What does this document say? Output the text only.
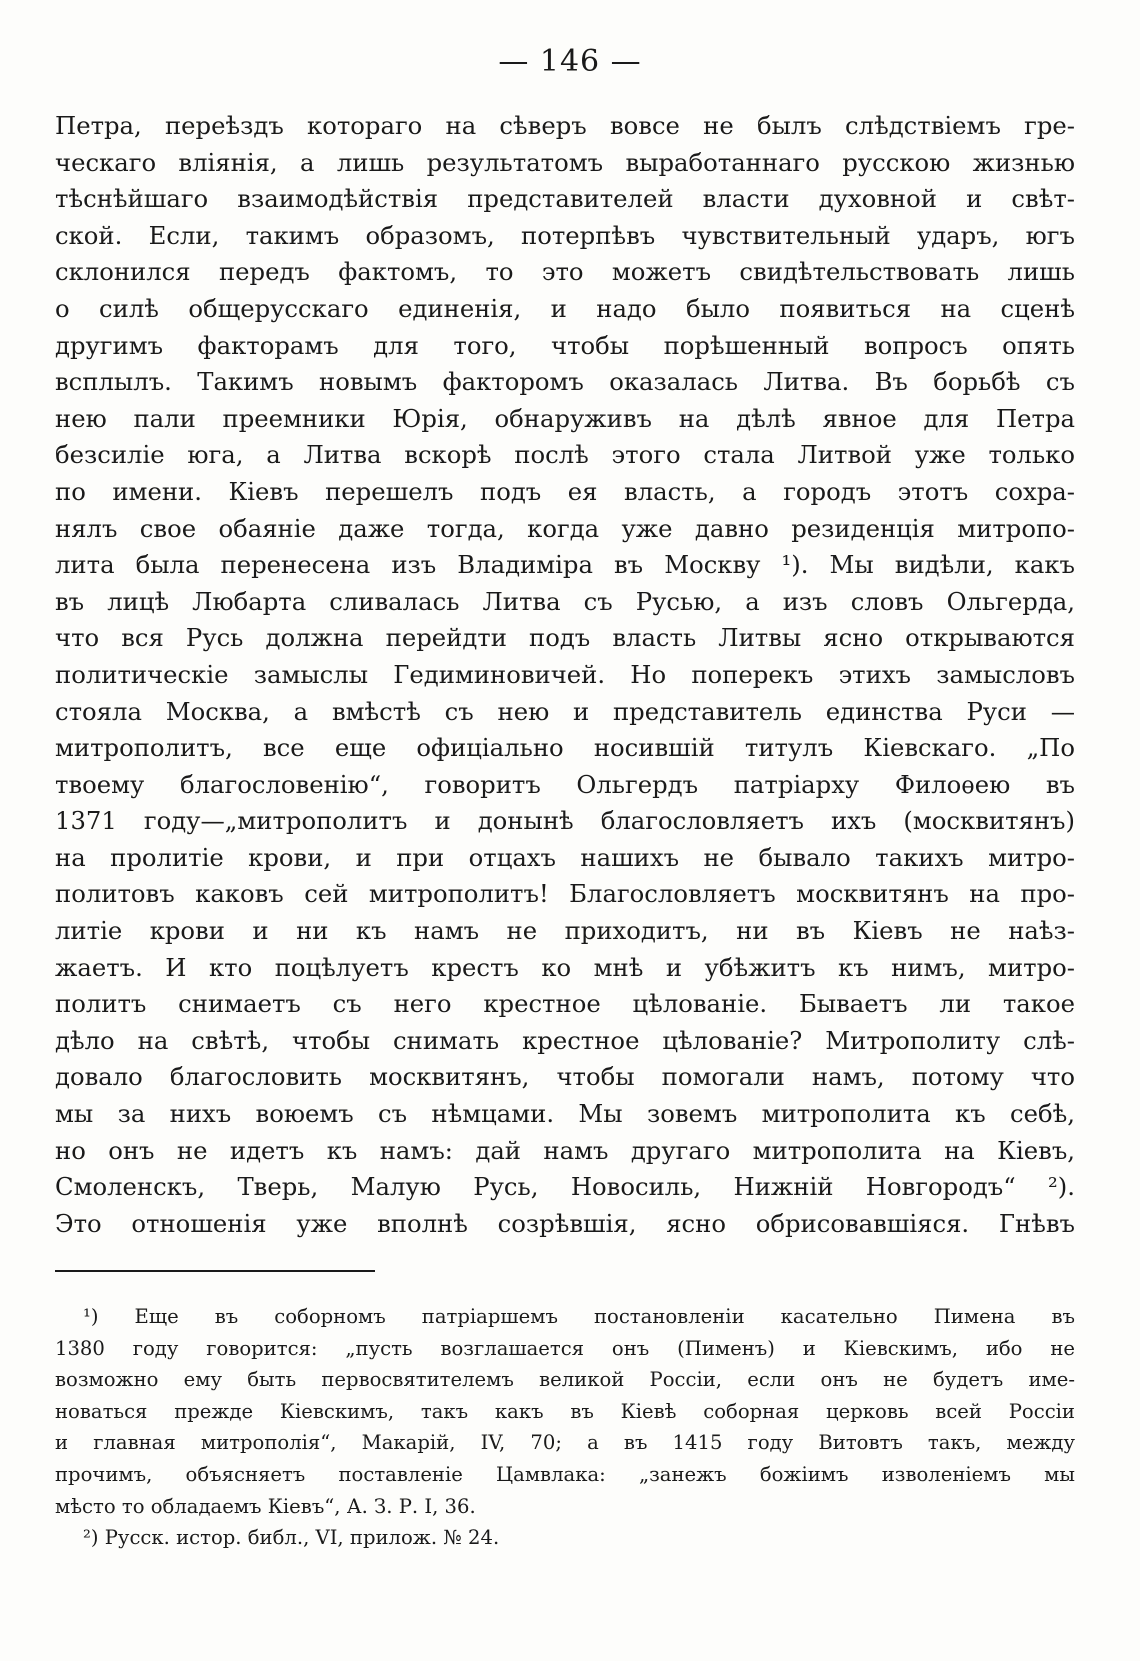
— 146 —
Петра, переѣздъ котораго на сѣверъ вовсе не былъ слѣдствіемъ гре-
ческаго вліянія, а лишь результатомъ выработаннаго русскою жизнью
тѣснѣйшаго взаимодѣйствія представителей власти духовной и свѣт-
ской. Если, такимъ образомъ, потерпѣвъ чувствительный ударъ, югъ
склонился передъ фактомъ, то это можетъ свидѣтельствовать лишь
о силѣ общерусскаго единенія, и надо было появиться на сценѣ
другимъ факторамъ для того, чтобы порѣшенный вопросъ опять
всплылъ. Такимъ новымъ факторомъ оказалась Литва. Въ борьбѣ съ
нею пали преемники Юрія, обнаруживъ на дѣлѣ явное для Петра
безсиліе юга, а Литва вскорѣ послѣ этого стала Литвой уже только
по имени. Кіевъ перешелъ подъ ея власть, а городъ этотъ сохра-
нялъ свое обаяніе даже тогда, когда уже давно резиденція митропо-
лита была перенесена изъ Владиміра въ Москву ¹). Мы видѣли, какъ
въ лицѣ Любарта сливалась Литва съ Русью, а изъ словъ Ольгерда,
что вся Русь должна перейдти подъ власть Литвы ясно открываются
политическіе замыслы Гедиминовичей. Но поперекъ этихъ замысловъ
стояла Москва, а вмѣстѣ съ нею и представитель единства Руси —
митрополитъ, все еще офиціально носившій титулъ Кіевскаго. „По
твоему благословенію“, говоритъ Ольгердъ патріарху Филоѳею въ
1371 году—„митрополитъ и донынѣ благословляетъ ихъ (москвитянъ)
на пролитіе крови, и при отцахъ нашихъ не бывало такихъ митро-
политовъ каковъ сей митрополитъ! Благословляетъ москвитянъ на про-
литіе крови и ни къ намъ не приходитъ, ни въ Кіевъ не наѣз-
жаетъ. И кто поцѣлуетъ крестъ ко мнѣ и убѣжитъ къ нимъ, митро-
политъ снимаетъ съ него крестное цѣлованіе. Бываетъ ли такое
дѣло на свѣтѣ, чтобы снимать крестное цѣлованіе? Митрополиту слѣ-
довало благословить москвитянъ, чтобы помогали намъ, потому что
мы за нихъ воюемъ съ нѣмцами. Мы зовемъ митрополита къ себѣ,
но онъ не идетъ къ намъ: дай намъ другаго митрополита на Кіевъ,
Смоленскъ, Тверь, Малую Русь, Новосиль, Нижній Новгородъ“ ²).
Это отношенія уже вполнѣ созрѣвшія, ясно обрисовавшіяся. Гнѣвъ
¹) Еще въ соборномъ патріаршемъ постановленіи касательно Пимена въ
1380 году говорится: „пусть возглашается онъ (Пименъ) и Кіевскимъ, ибо не
возможно ему быть первосвятителемъ великой Россіи, если онъ не будетъ име-
новаться прежде Кіевскимъ, такъ какъ въ Кіевѣ соборная церковь всей Россіи
и главная митрополія“, Макарій, IV, 70; а въ 1415 году Витовтъ такъ, между
прочимъ, объясняетъ поставленіе Цамвлака: „занежъ божіимъ изволеніемъ мы
мѣсто то обладаемъ Кіевъ“, А. З. Р. I, 36.
²) Русск. истор. библ., VI, прилож. № 24.
